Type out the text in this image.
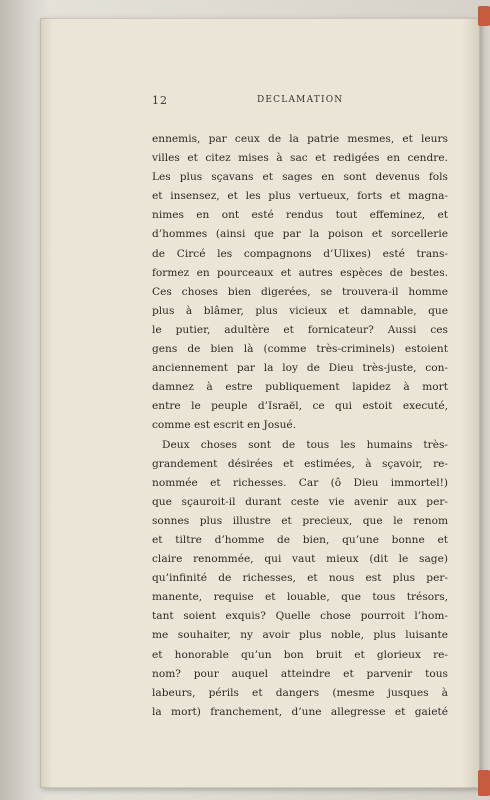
12	DECLAMATION
ennemis, par ceux de la patrie mesmes, et leurs
villes et citez mises à sac et redigées en cendre.
Les plus sçavans et sages en sont devenus fols
et insensez, et les plus vertueux, forts et magna-
nimes en ont esté rendus tout effeminez, et
d’hommes (ainsi que par la poison et sorcellerie
de Circé les compagnons d’Ulixes) esté trans-
formez en pourceaux et autres espèces de bestes.
Ces choses bien digerées, se trouvera-il homme
plus à blâmer, plus vicieux et damnable, que
le putier, adultère et fornicateur? Aussi ces
gens de bien là (comme très-criminels) estoient
anciennement par la loy de Dieu très-juste, con-
damnez à estre publiquement lapidez à mort
entre le peuple d’Israël, ce qui estoit executé,
comme est escrit en Josué.
Deux choses sont de tous les humains très-
grandement désirées et estimées, à sçavoir, re-
nommée et richesses. Car (ô Dieu immortel!)
que sçauroit-il durant ceste vie avenir aux per-
sonnes plus illustre et precieux, que le renom
et tiltre d’homme de bien, qu’une bonne et
claire renommée, qui vaut mieux (dit le sage)
qu’infinité de richesses, et nous est plus per-
manente, requise et louable, que tous trésors,
tant soient exquis? Quelle chose pourroit l’hom-
me souhaiter, ny avoir plus noble, plus luisante
et honorable qu’un bon bruit et glorieux re-
nom? pour auquel atteindre et parvenir tous
labeurs, périls et dangers (mesme jusques à
la mort) franchement, d’une allegresse et gaieté
